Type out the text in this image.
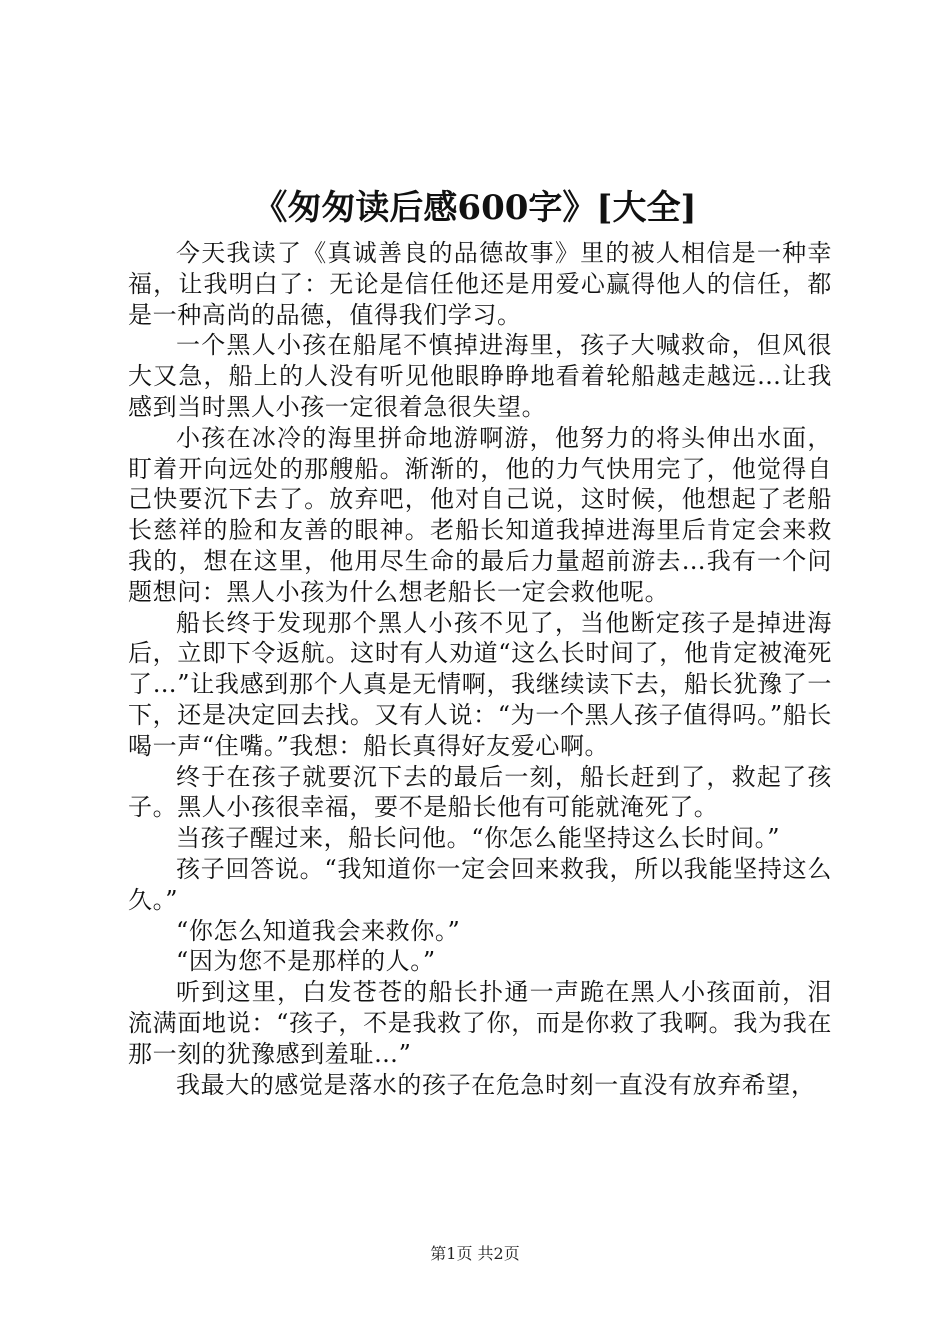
《匆匆读后感600字》[大全]

今天我读了《真诚善良的品德故事》里的被人相信是一种幸福，让我明白了：无论是信任他还是用爱心赢得他人的信任，都是一种高尚的品德，值得我们学习。

一个黑人小孩在船尾不慎掉进海里，孩子大喊救命，但风很大又急，船上的人没有听见他眼睁睁地看着轮船越走越远…让我感到当时黑人小孩一定很着急很失望。

小孩在冰冷的海里拼命地游啊游，他努力的将头伸出水面，盯着开向远处的那艘船。渐渐的，他的力气快用完了，他觉得自己快要沉下去了。放弃吧，他对自己说，这时候，他想起了老船长慈祥的脸和友善的眼神。老船长知道我掉进海里后肯定会来救我的，想在这里，他用尽生命的最后力量超前游去…我有一个问题想问：黑人小孩为什么想老船长一定会救他呢。

船长终于发现那个黑人小孩不见了，当他断定孩子是掉进海后，立即下令返航。这时有人劝道“这么长时间了，他肯定被淹死了…”让我感到那个人真是无情啊，我继续读下去，船长犹豫了一下，还是决定回去找。又有人说：“为一个黑人孩子值得吗。”船长喝一声“住嘴。”我想：船长真得好友爱心啊。

终于在孩子就要沉下去的最后一刻，船长赶到了，救起了孩子。黑人小孩很幸福，要不是船长他有可能就淹死了。

当孩子醒过来，船长问他。“你怎么能坚持这么长时间。”

孩子回答说。“我知道你一定会回来救我，所以我能坚持这么久。”

“你怎么知道我会来救你。”

“因为您不是那样的人。”

听到这里，白发苍苍的船长扑通一声跪在黑人小孩面前，泪流满面地说：“孩子，不是我救了你，而是你救了我啊。我为我在那一刻的犹豫感到羞耻…”

我最大的感觉是落水的孩子在危急时刻一直没有放弃希望，

第1页 共2页
